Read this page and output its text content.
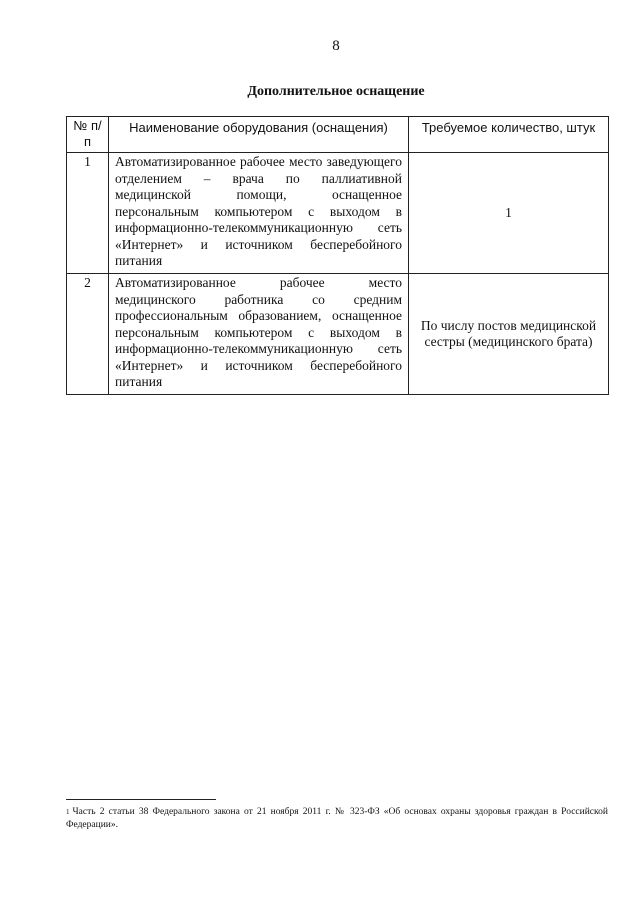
8
Дополнительное оснащение
№ п/п	Наименование оборудования (оснащения)	Требуемое количество, штук
1	Автоматизированное рабочее место заведующего отделением – врача по паллиативной медицинской помощи, оснащенное персональным компьютером с выходом в информационно-телекоммуникационную сеть «Интернет» и источником бесперебойного питания	1
2	Автоматизированное рабочее место медицинского работника со средним профессиональным образованием, оснащенное персональным компьютером с выходом в информационно-телекоммуникационную сеть «Интернет» и источником бесперебойного питания	По числу постов медицинской сестры (медицинского брата)
$^1$ Часть 2 статьи 38 Федерального закона от 21 ноября 2011 г. № 323-ФЗ «Об основах охраны здоровья граждан в Российской Федерации».
